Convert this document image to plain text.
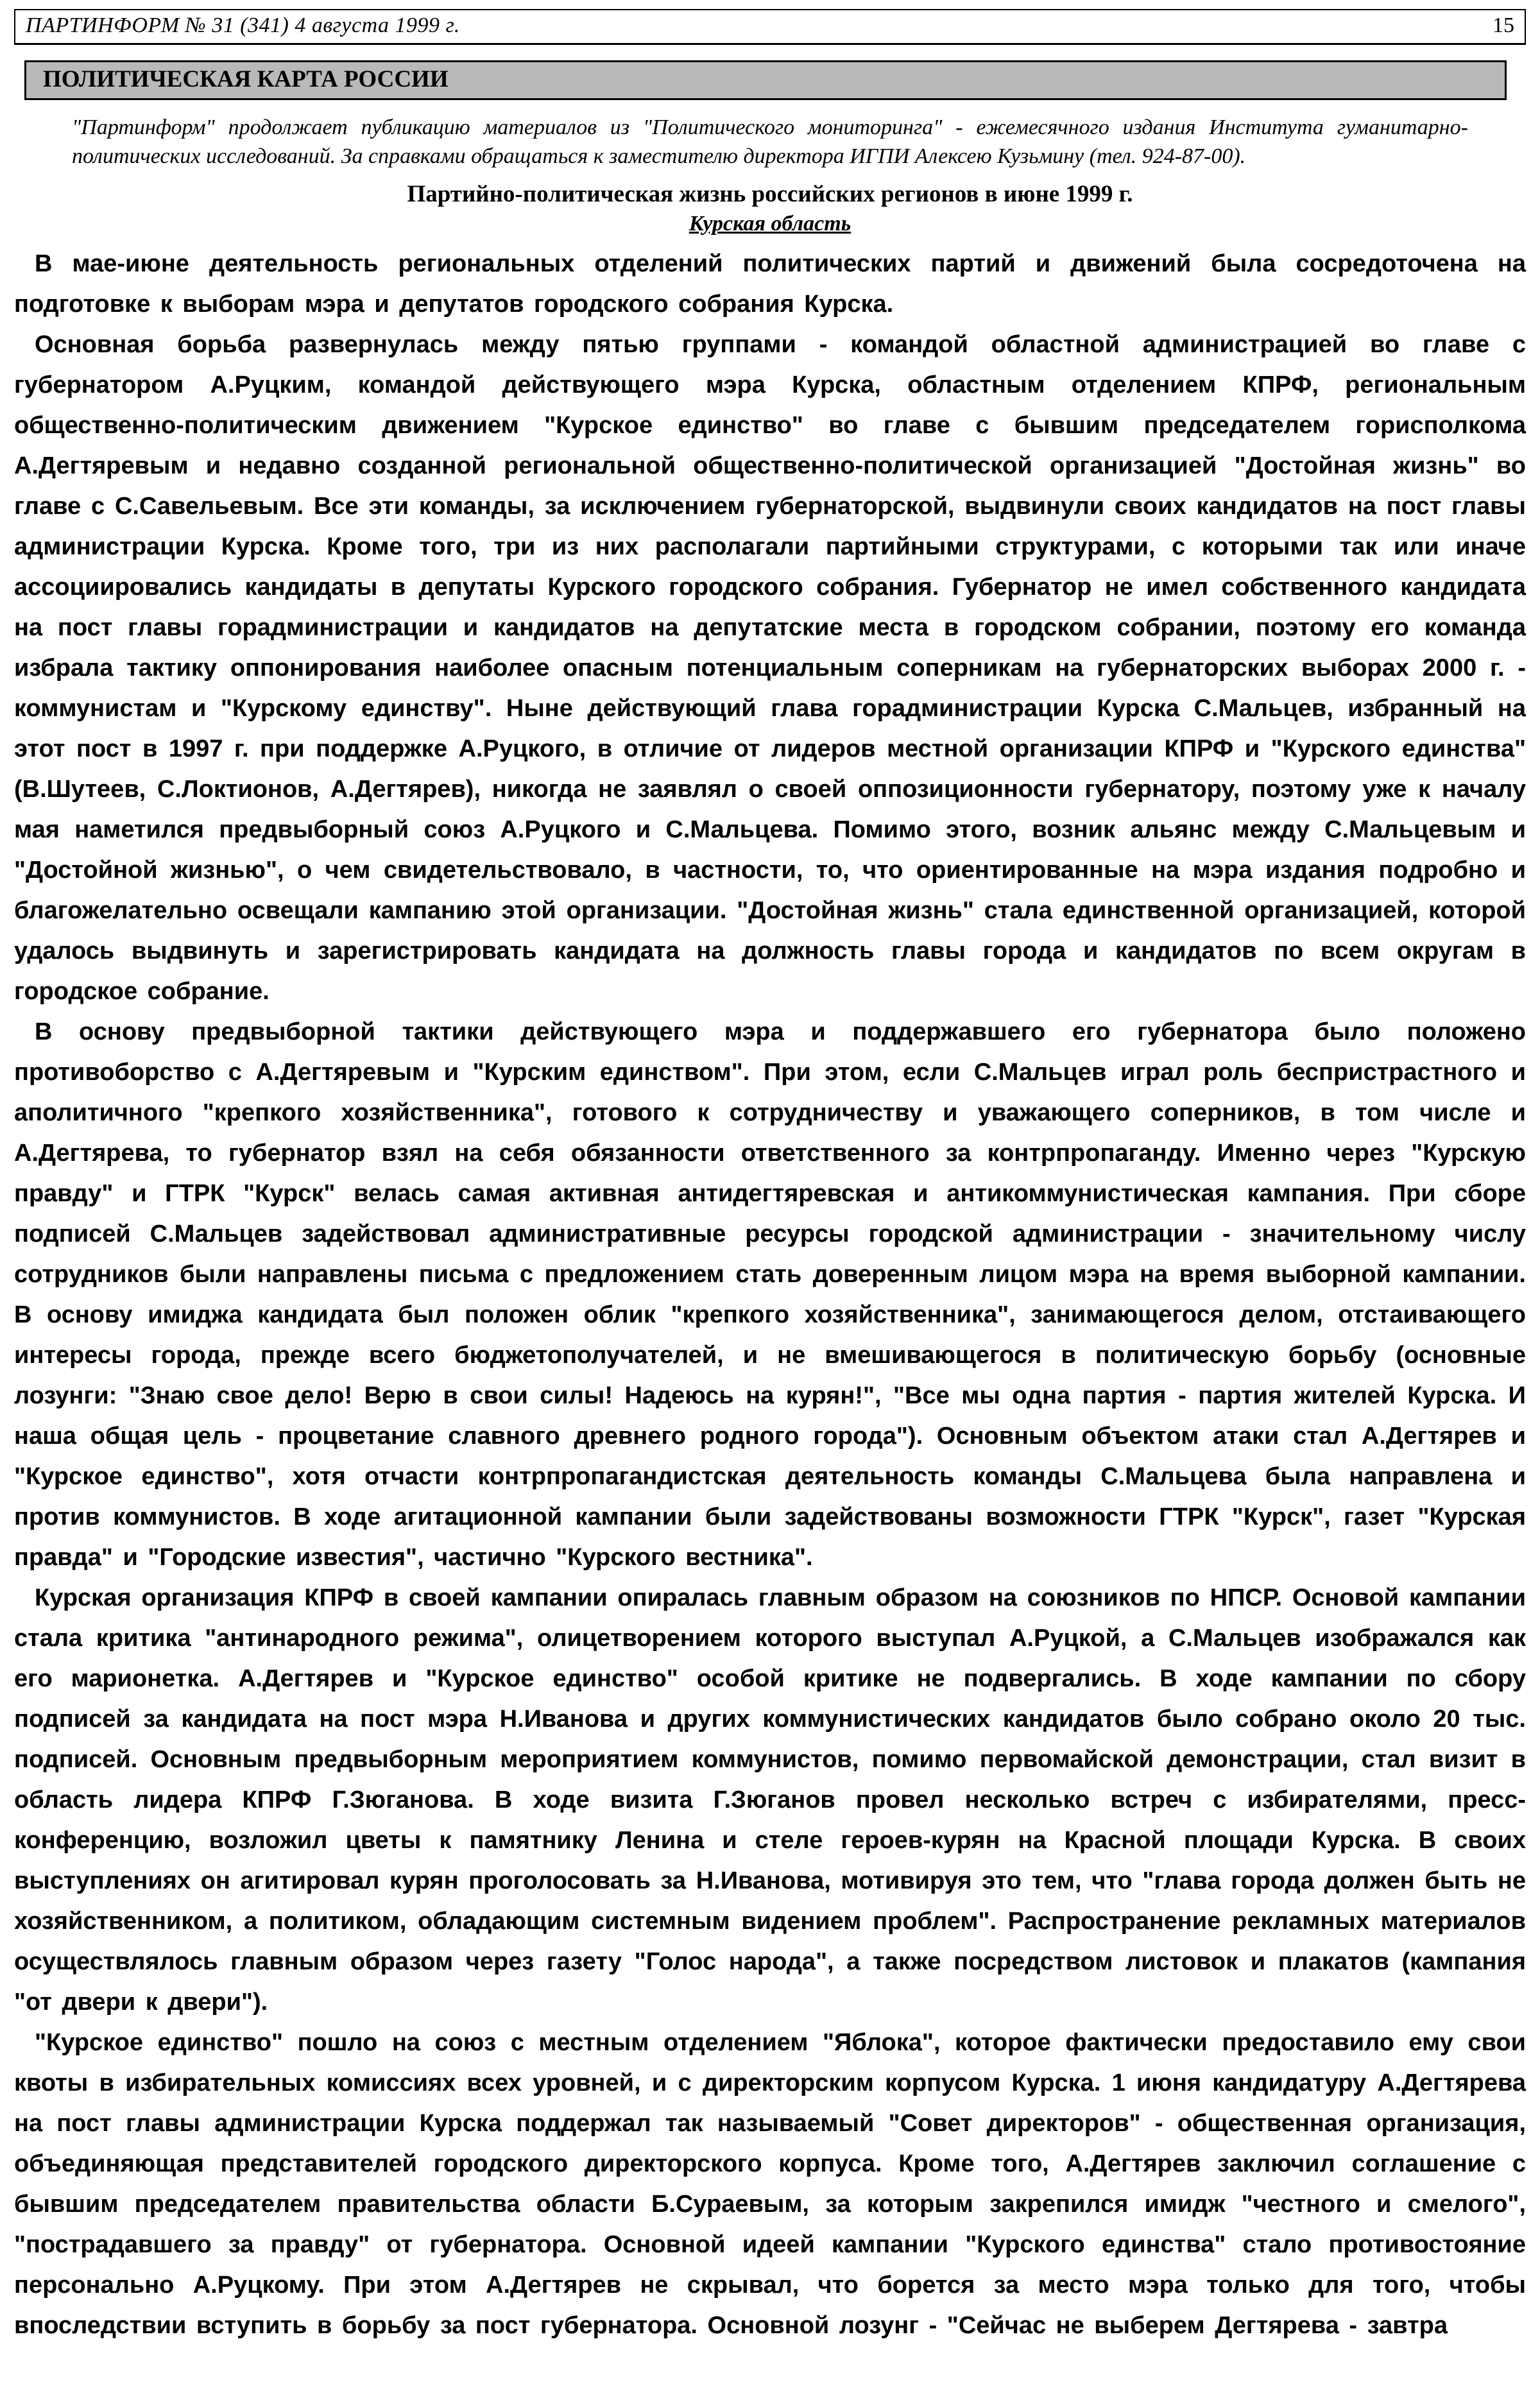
ПАРТИНФОРМ № 31 (341) 4 августа 1999 г.	15
ПОЛИТИЧЕСКАЯ КАРТА РОССИИ

"Партинформ" продолжает публикацию материалов из "Политического мониторинга" - ежемесячного издания Института гуманитарно-политических исследований. За справками обращаться к заместителю директора ИГПИ Алексею Кузьмину (тел. 924-87-00).

Партийно-политическая жизнь российских регионов в июне 1999 г.
Курская область

В мае-июне деятельность региональных отделений политических партий и движений была сосредоточена на подготовке к выборам мэра и депутатов городского собрания Курска.

Основная борьба развернулась между пятью группами - командой областной администрацией во главе с губернатором А.Руцким, командой действующего мэра Курска, областным отделением КПРФ, региональным общественно-политическим движением "Курское единство" во главе с бывшим председателем горисполкома А.Дегтяревым и недавно созданной региональной общественно-политической организацией "Достойная жизнь" во главе с С.Савельевым. Все эти команды, за исключением губернаторской, выдвинули своих кандидатов на пост главы администрации Курска. Кроме того, три из них располагали партийными структурами, с которыми так или иначе ассоциировались кандидаты в депутаты Курского городского собрания. Губернатор не имел собственного кандидата на пост главы горадминистрации и кандидатов на депутатские места в городском собрании, поэтому его команда избрала тактику оппонирования наиболее опасным потенциальным соперникам на губернаторских выборах 2000 г. - коммунистам и "Курскому единству". Ныне действующий глава горадминистрации Курска С.Мальцев, избранный на этот пост в 1997 г. при поддержке А.Руцкого, в отличие от лидеров местной организации КПРФ и "Курского единства" (В.Шутеев, С.Локтионов, А.Дегтярев), никогда не заявлял о своей оппозиционности губернатору, поэтому уже к началу мая наметился предвыборный союз А.Руцкого и С.Мальцева. Помимо этого, возник альянс между С.Мальцевым и "Достойной жизнью", о чем свидетельствовало, в частности, то, что ориентированные на мэра издания подробно и благожелательно освещали кампанию этой организации. "Достойная жизнь" стала единственной организацией, которой удалось выдвинуть и зарегистрировать кандидата на должность главы города и кандидатов по всем округам в городское собрание.

В основу предвыборной тактики действующего мэра и поддержавшего его губернатора было положено противоборство с А.Дегтяревым и "Курским единством". При этом, если С.Мальцев играл роль беспристрастного и аполитичного "крепкого хозяйственника", готового к сотрудничеству и уважающего соперников, в том числе и А.Дегтярева, то губернатор взял на себя обязанности ответственного за контрпропаганду. Именно через "Курскую правду" и ГТРК "Курск" велась самая активная антидегтяревская и антикоммунистическая кампания. При сборе подписей С.Мальцев задействовал административные ресурсы городской администрации - значительному числу сотрудников были направлены письма с предложением стать доверенным лицом мэра на время выборной кампании. В основу имиджа кандидата был положен облик "крепкого хозяйственника", занимающегося делом, отстаивающего интересы города, прежде всего бюджетополучателей, и не вмешивающегося в политическую борьбу (основные лозунги: "Знаю свое дело! Верю в свои силы! Надеюсь на курян!", "Все мы одна партия - партия жителей Курска. И наша общая цель - процветание славного древнего родного города"). Основным объектом атаки стал А.Дегтярев и "Курское единство", хотя отчасти контрпропагандистская деятельность команды С.Мальцева была направлена и против коммунистов. В ходе агитационной кампании были задействованы возможности ГТРК "Курск", газет "Курская правда" и "Городские известия", частично "Курского вестника".

Курская организация КПРФ в своей кампании опиралась главным образом на союзников по НПСР. Основой кампании стала критика "антинародного режима", олицетворением которого выступал А.Руцкой, а С.Мальцев изображался как его марионетка. А.Дегтярев и "Курское единство" особой критике не подвергались. В ходе кампании по сбору подписей за кандидата на пост мэра Н.Иванова и других коммунистических кандидатов было собрано около 20 тыс. подписей. Основным предвыборным мероприятием коммунистов, помимо первомайской демонстрации, стал визит в область лидера КПРФ Г.Зюганова. В ходе визита Г.Зюганов провел несколько встреч с избирателями, пресс-конференцию, возложил цветы к памятнику Ленина и стеле героев-курян на Красной площади Курска. В своих выступлениях он агитировал курян проголосовать за Н.Иванова, мотивируя это тем, что "глава города должен быть не хозяйственником, а политиком, обладающим системным видением проблем". Распространение рекламных материалов осуществлялось главным образом через газету "Голос народа", а также посредством листовок и плакатов (кампания "от двери к двери").

"Курское единство" пошло на союз с местным отделением "Яблока", которое фактически предоставило ему свои квоты в избирательных комиссиях всех уровней, и с директорским корпусом Курска. 1 июня кандидатуру А.Дегтярева на пост главы администрации Курска поддержал так называемый "Совет директоров" - общественная организация, объединяющая представителей городского директорского корпуса. Кроме того, А.Дегтярев заключил соглашение с бывшим председателем правительства области Б.Сураевым, за которым закрепился имидж "честного и смелого", "пострадавшего за правду" от губернатора. Основной идеей кампании "Курского единства" стало противостояние персонально А.Руцкому. При этом А.Дегтярев не скрывал, что борется за место мэра только для того, чтобы впоследствии вступить в борьбу за пост губернатора. Основной лозунг - "Сейчас не выберем Дегтярева - завтра
